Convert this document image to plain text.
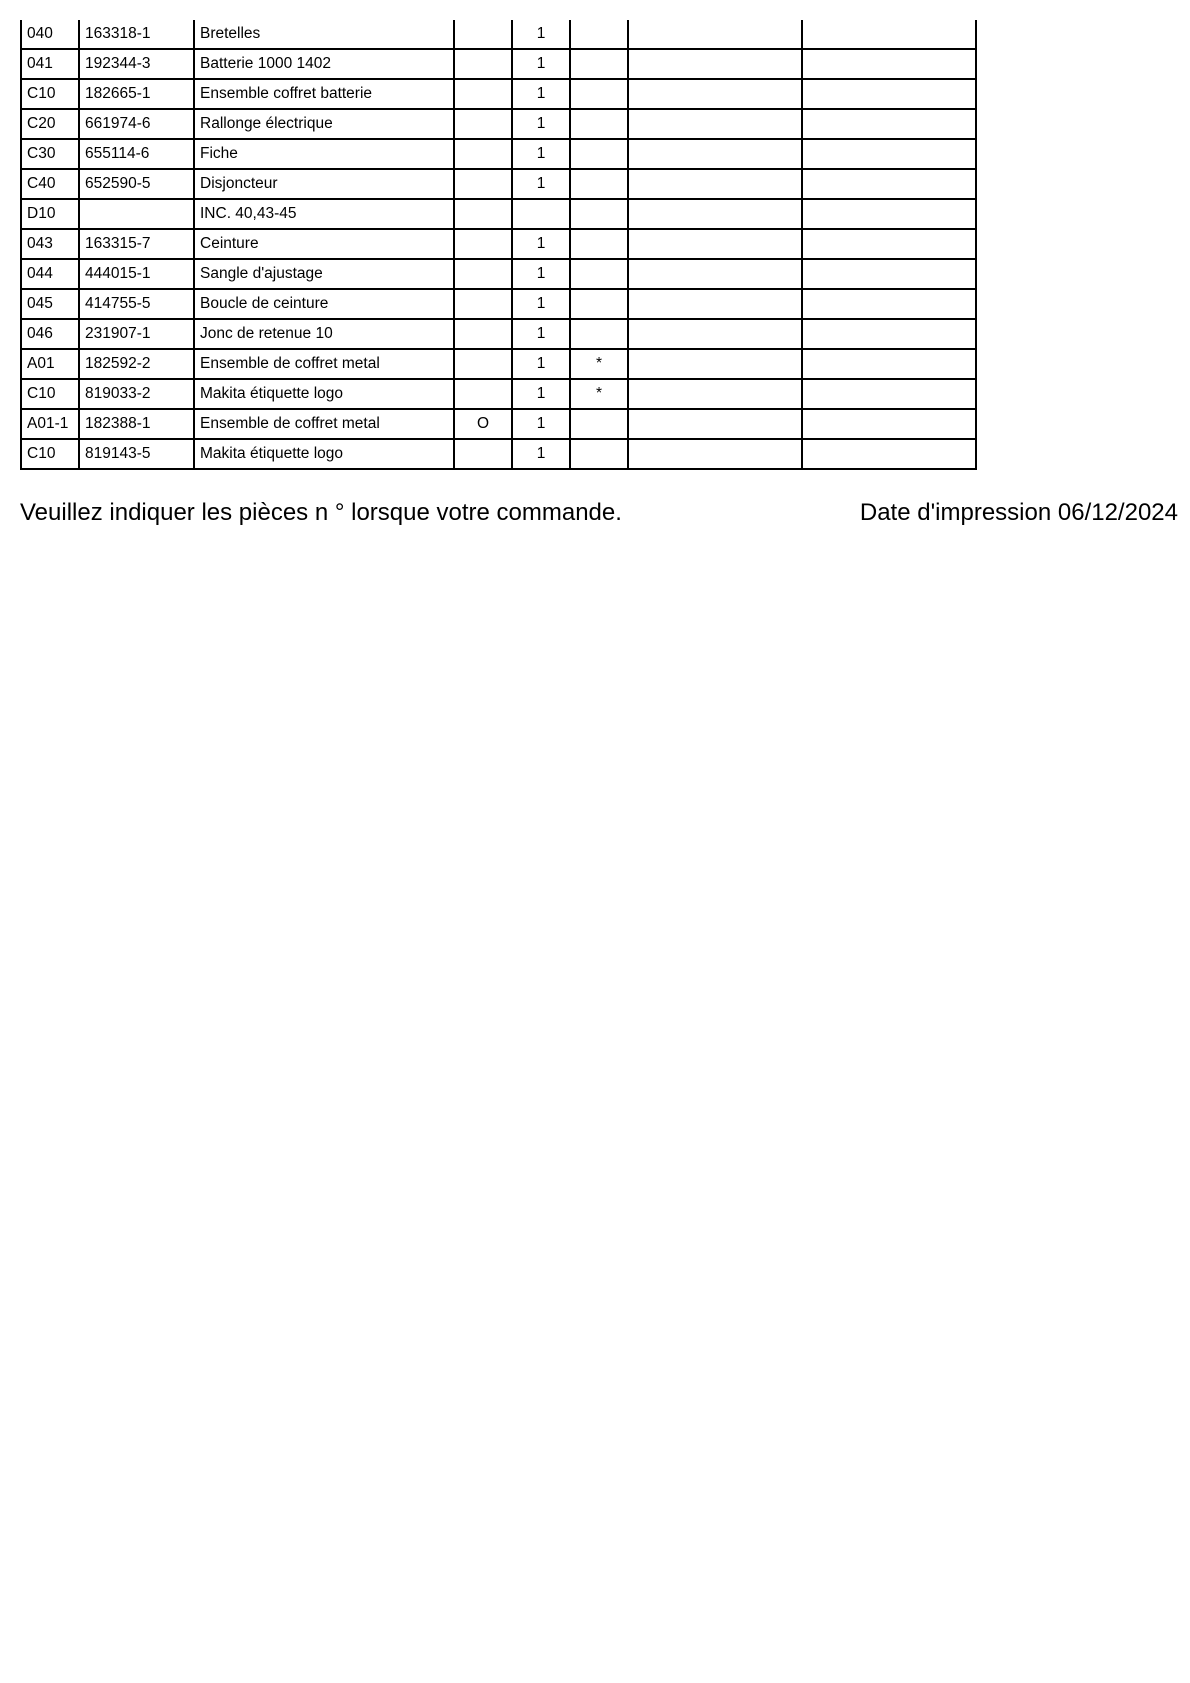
040	163318-1	Bretelles		1			
041	192344-3	Batterie 1000 1402		1			
C10	182665-1	Ensemble coffret batterie		1			
C20	661974-6	Rallonge électrique		1			
C30	655114-6	Fiche		1			
C40	652590-5	Disjoncteur		1			
D10		INC. 40,43-45					
043	163315-7	Ceinture		1			
044	444015-1	Sangle d'ajustage		1			
045	414755-5	Boucle de ceinture		1			
046	231907-1	Jonc de retenue 10		1			
A01	182592-2	Ensemble de coffret metal		1	*		
C10	819033-2	Makita étiquette logo		1	*		
A01-1	182388-1	Ensemble de coffret metal	O	1			
C10	819143-5	Makita étiquette logo		1			
Veuillez indiquer les pièces n ° lorsque votre commande.	Date d'impression 06/12/2024
